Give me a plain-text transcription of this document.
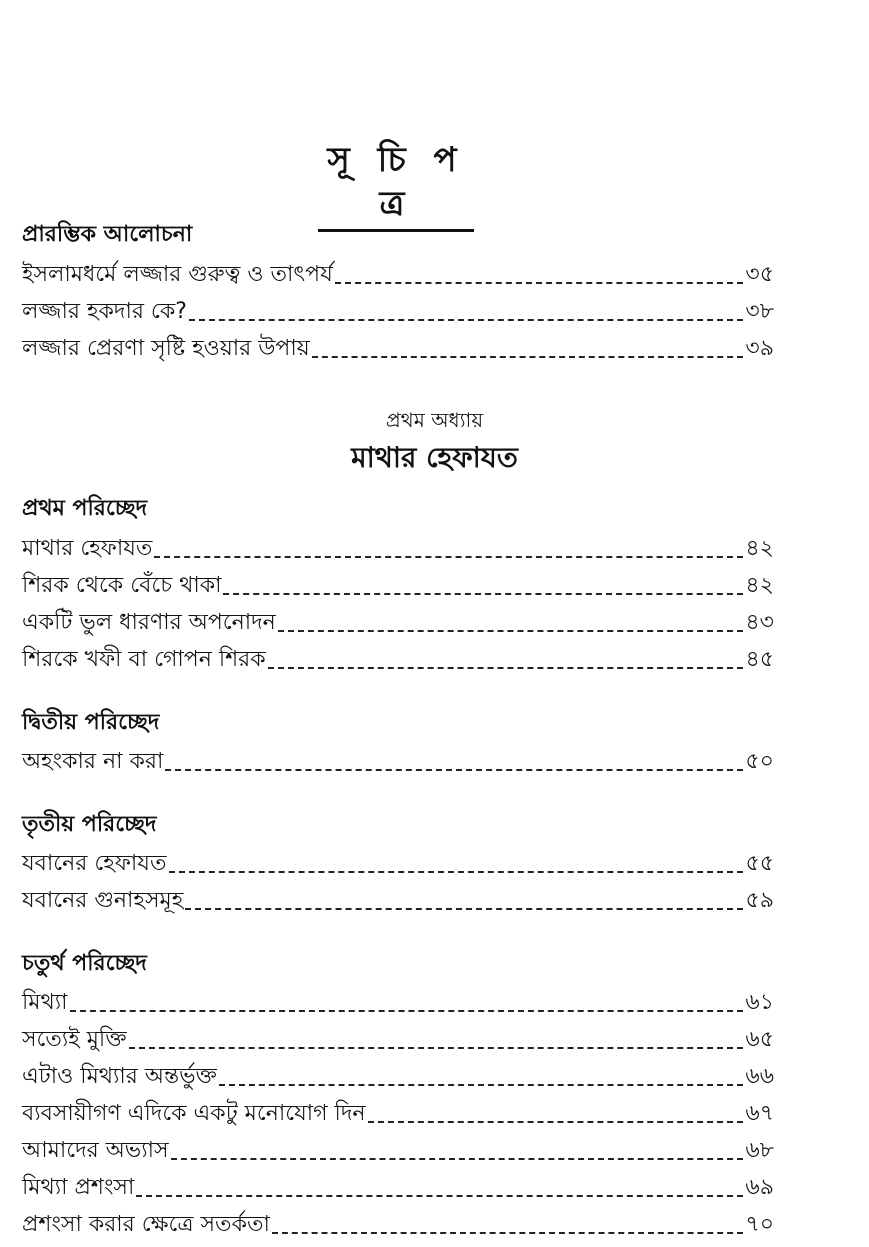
সূ চি প ত্র
প্রারম্ভিক আলোচনা
ইসলামধর্মে লজ্জার গুরুত্ব ও তাৎপর্য	৩৫
লজ্জার হকদার কে?	৩৮
লজ্জার প্রেরণা সৃষ্টি হওয়ার উপায়	৩৯
প্রথম অধ্যায়
মাথার হেফাযত
প্রথম পরিচ্ছেদ
মাথার হেফাযত	৪২
শিরক থেকে বেঁচে থাকা	৪২
একটি ভুল ধারণার অপনোদন	৪৩
শিরকে খফী বা গোপন শিরক	৪৫
দ্বিতীয় পরিচ্ছেদ
অহংকার না করা	৫০
তৃতীয় পরিচ্ছেদ
যবানের হেফাযত	৫৫
যবানের গুনাহসমূহ	৫৯
চতুর্থ পরিচ্ছেদ
মিথ্যা	৬১
সত্যেই মুক্তি	৬৫
এটাও মিথ্যার অন্তর্ভুক্ত	৬৬
ব্যবসায়ীগণ এদিকে একটু মনোযোগ দিন	৬৭
আমাদের অভ্যাস	৬৮
মিথ্যা প্রশংসা	৬৯
প্রশংসা করার ক্ষেত্রে সতর্কতা	৭০
